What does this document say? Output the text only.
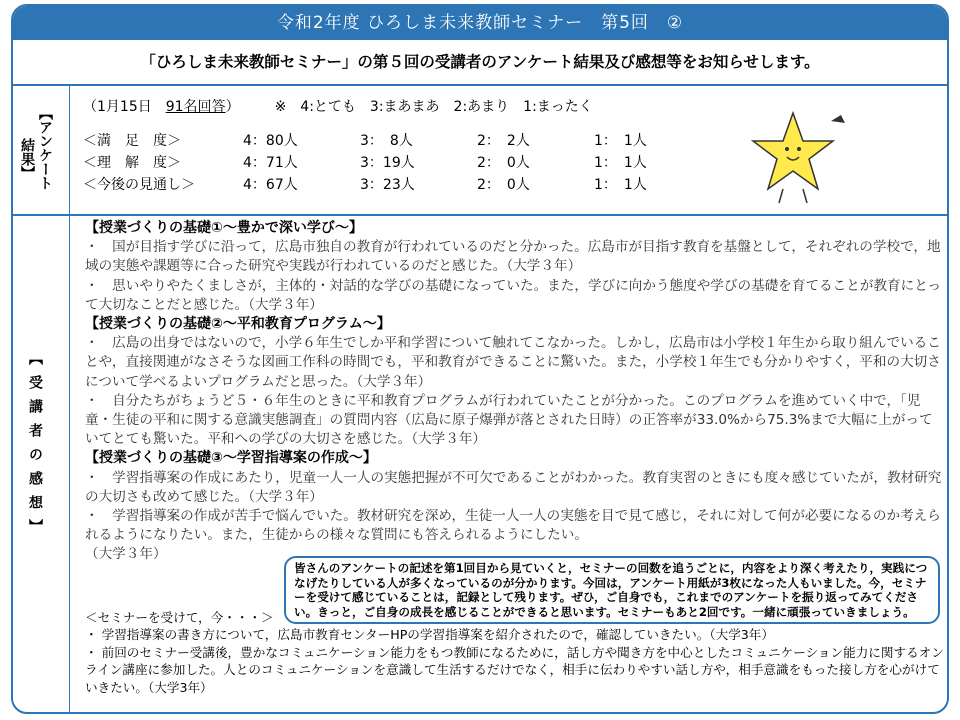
令和2年度 ひろしま未来教師セミナー　第5回　②
「ひろしま未来教師セミナー」の第５回の受講者のアンケート結果及び感想等をお知らせします。
【アンケート
結果】
【受講者の感想】
（1月15日　 91名回答）　　　	※　4:とても　3:まあまあ　2:あまり　1:まったく
＜満　足　度＞	4：80人	3：　8人	2：　2人	1：　1人
＜理　解　度＞	4：71人	3：19人	2：　0人	1：　1人
＜今後の見通し＞	4：67人	3：23人	2：　0人	1：　1人

【授業づくりの基礎①～豊かで深い学び～】

・　国が目指す学びに沿って，広島市独自の教育が行われているのだと分かった。広島市が目指す教育を基盤として，それぞれの学校で，地域の実態や課題等に合った研究や実践が行われているのだと感じた。（大学３年）

・　思いやりやたくましさが，主体的・対話的な学びの基礎になっていた。また，学びに向かう態度や学びの基礎を育てることが教育にとって大切なことだと感じた。（大学３年）

【授業づくりの基礎②～平和教育プログラム～】

・　広島の出身ではないので，小学６年生でしか平和学習について触れてこなかった。しかし，広島市は小学校１年生から取り組んでいることや，直接関連がなさそうな図画工作科の時間でも，平和教育ができることに驚いた。また，小学校１年生でも分かりやすく，平和の大切さについて学べるよいプログラムだと思った。（大学３年）

・　自分たちがちょうど５・６年生のときに平和教育プログラムが行われていたことが分かった。このプログラムを進めていく中で，「児童・生徒の平和に関する意識実態調査」の質問内容（広島に原子爆弾が落とされた日時）の正答率が33.0%から75.3%まで大幅に上がっていてとても驚いた。平和への学びの大切さを感じた。（大学３年）

【授業づくりの基礎③～学習指導案の作成～】

・　学習指導案の作成にあたり，児童一人一人の実態把握が不可欠であることがわかった。教育実習のときにも度々感じていたが，教材研究の大切さも改めて感じた。（大学３年）

・　学習指導案の作成が苦手で悩んでいた。教材研究を深め，生徒一人一人の実態を目で見て感じ，それに対して何が必要になるのか考えられるようになりたい。また，生徒からの様々な質問にも答えられるようにしたい。

（大学３年）

皆さんのアンケートの記述を第1回目から見ていくと，セミナーの回数を追うごとに，内容をより深く考えたり，実践につなげたりしている人が多くなっているのが分かります。今回は，アンケート用紙が3枚になった人もいました。今，セミナーを受けて感じていることは，記録として残ります。ぜひ，ご自身でも，これまでのアンケートを振り返ってみてください。きっと，ご自身の成長を感じることができると思います。セミナーもあと2回です。一緒に頑張っていきましょう。

＜セミナーを受けて，今・・・＞

・ 学習指導案の書き方について，広島市教育センターHPの学習指導案を紹介されたので，確認していきたい。（大学3年）

・ 前回のセミナー受講後，豊かなコミュニケーション能力をもつ教師になるために，話し方や聞き方を中心としたコミュニケーション能力に関するオンライン講座に参加した。人とのコミュニケーションを意識して生活するだけでなく，相手に伝わりやすい話し方や，相手意識をもった接し方を心がけていきたい。（大学3年）
